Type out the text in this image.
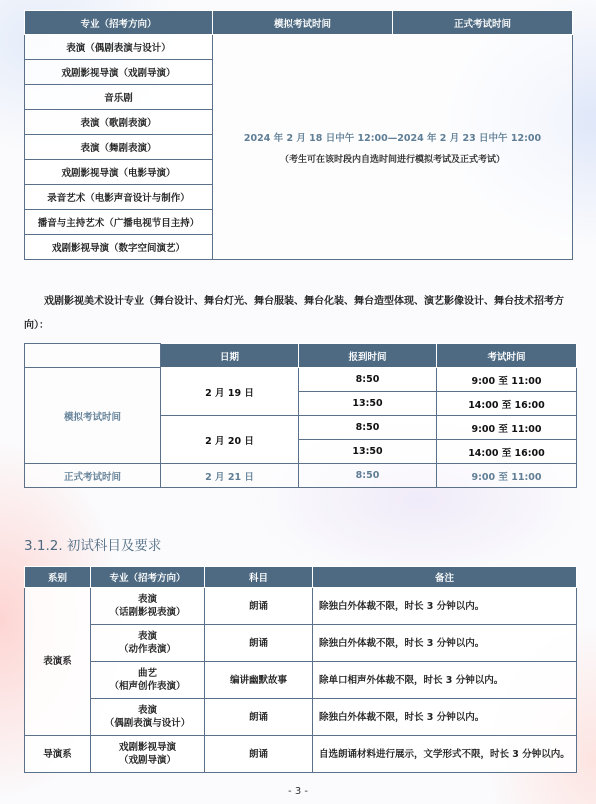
专业（招考方向）	模拟考试时间	正式考试时间
表演（偶剧表演与设计）	2024 年 2 月 18 日中午 12:00—2024 年 2 月 23 日中午 12:00
（考生可在该时段内自选时间进行模拟考试及正式考试）	

戏剧影视导演（戏剧导演）		
音乐剧		
表演（歌剧表演）		
表演（舞剧表演）		
戏剧影视导演（电影导演）		
录音艺术（电影声音设计与制作）		
播音与主持艺术（广播电视节目主持）		
戏剧影视导演（数字空间演艺）		

戏剧影视美术设计专业（舞台设计、舞台灯光、舞台服装、舞台化装、舞台造型体现、演艺影像设计、舞台技术招考方向）：

	日期	报到时间	考试时间
模拟考试时间	2 月 19 日	8:50	9:00 至 11:00
		13:50	14:00 至 16:00
	2 月 20 日	8:50	9:00 至 11:00
		13:50	14:00 至 16:00
正式考试时间	2 月 21 日	8:50	9:00 至 11:00
3.1.2. 初试科目及要求
系别	专业（招考方向）	科目	备注
表演系	表演
（话剧影视表演）	朗诵	除独白外体裁不限，时长 3 分钟以内。

	表演
（动作表演）	朗诵	除独白外体裁不限，时长 3 分钟以内。

	曲艺
（相声创作表演）	编讲幽默故事	除单口相声外体裁不限，时长 3 分钟以内。

	表演
（偶剧表演与设计）	朗诵	除独白外体裁不限，时长 3 分钟以内。
导演系	戏剧影视导演
（戏剧导演）	朗诵	自选朗诵材料进行展示，文学形式不限，时长 3 分钟以内。

- 3 -
